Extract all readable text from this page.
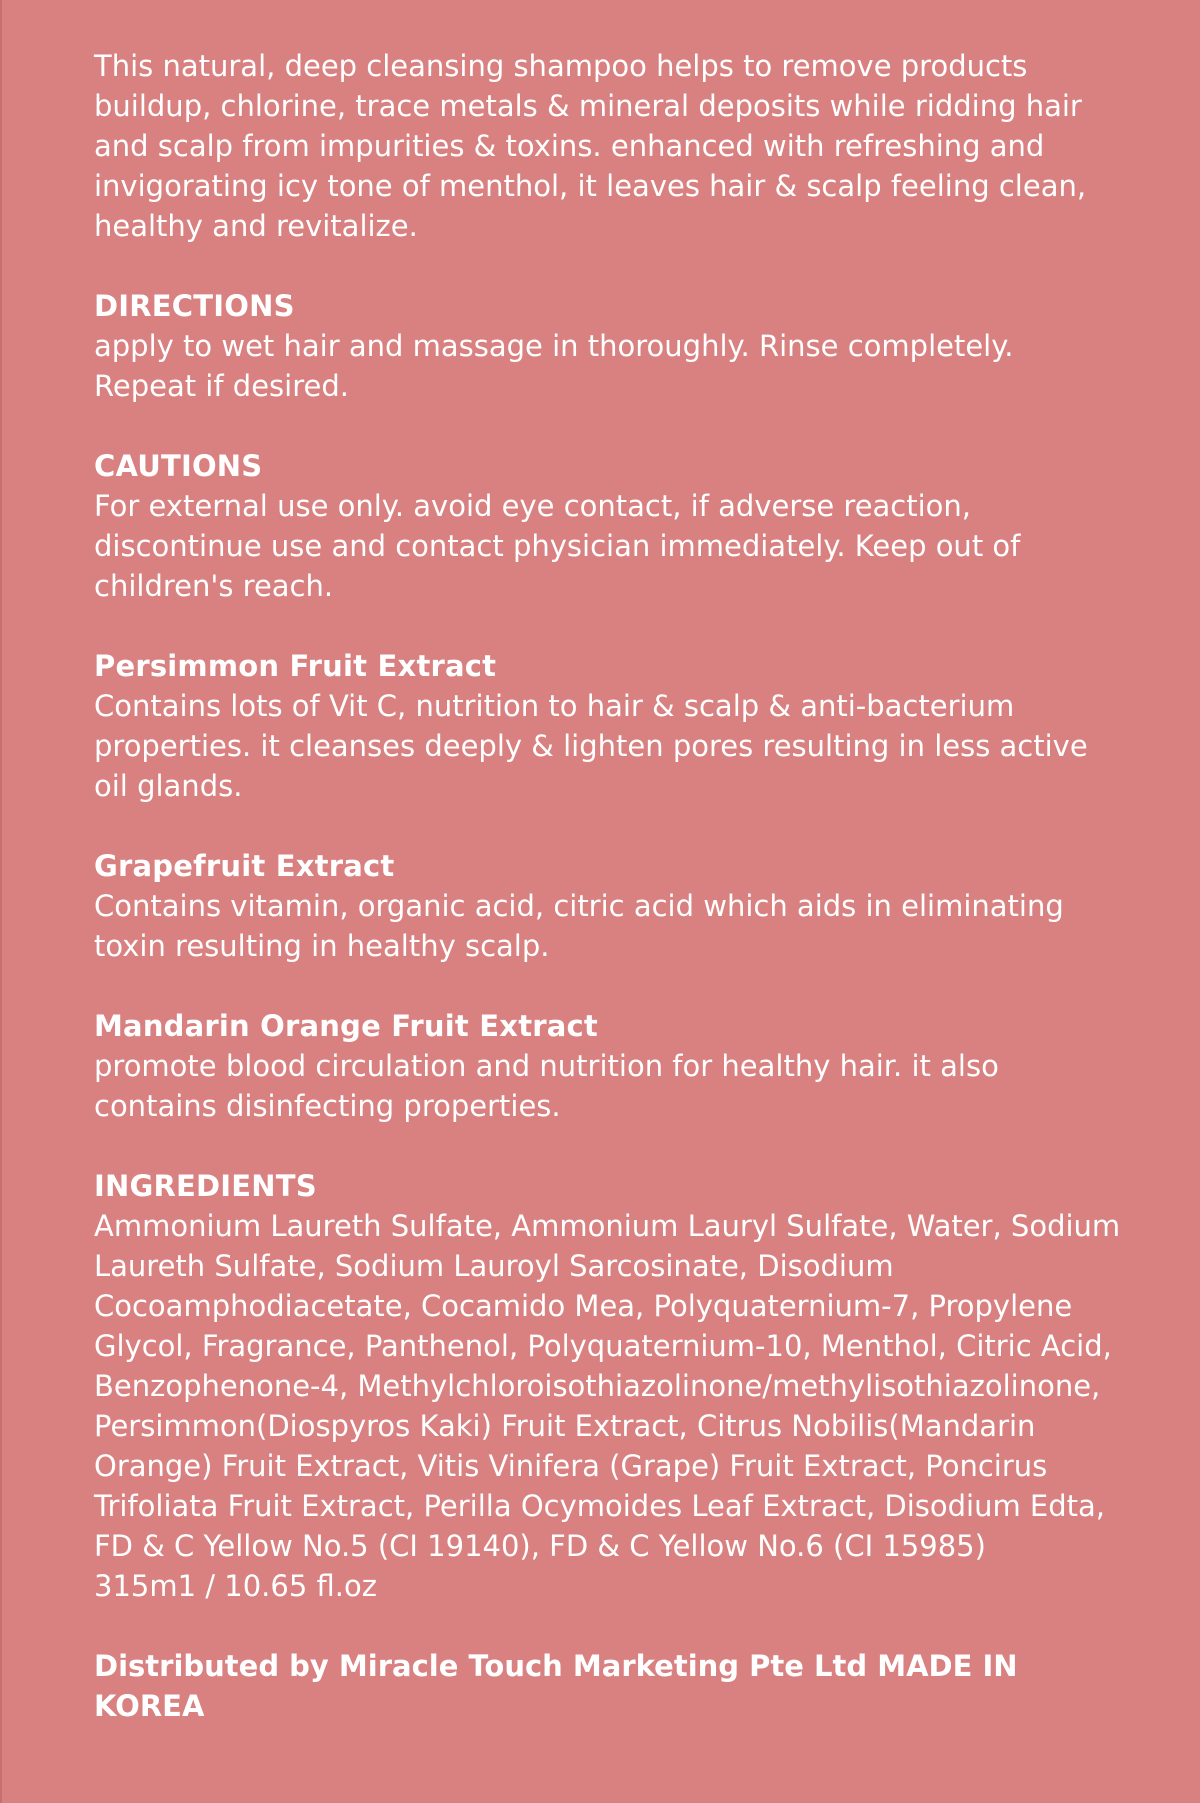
This natural, deep cleansing shampoo helps to remove products buildup, chlorine, trace metals & mineral deposits while ridding hair and scalp from impurities & toxins. enhanced with refreshing and invigorating icy tone of menthol, it leaves hair & scalp feeling clean, healthy and revitalize.

DIRECTIONS

apply to wet hair and massage in thoroughly. Rinse completely. Repeat if desired.

CAUTIONS

For external use only. avoid eye contact, if adverse reaction, discontinue use and contact physician immediately. Keep out of children's reach.

Persimmon Fruit Extract

Contains lots of Vit C, nutrition to hair & scalp & anti-bacterium properties. it cleanses deeply & lighten pores resulting in less active oil glands.

Grapefruit Extract

Contains vitamin, organic acid, citric acid which aids in eliminating toxin resulting in healthy scalp.

Mandarin Orange Fruit Extract

promote blood circulation and nutrition for healthy hair. it also contains disinfecting properties.

INGREDIENTS

Ammonium Laureth Sulfate, Ammonium Lauryl Sulfate, Water, Sodium Laureth Sulfate, Sodium Lauroyl Sarcosinate, Disodium Cocoamphodiacetate, Cocamido Mea, Polyquaternium-7, Propylene Glycol, Fragrance, Panthenol, Polyquaternium-10, Menthol, Citric Acid, Benzophenone-4, Methylchloroisothiazolinone/methylisothiazolinone, Persimmon(Diospyros Kaki) Fruit Extract, Citrus Nobilis(Mandarin Orange) Fruit Extract, Vitis Vinifera (Grape) Fruit Extract, Poncirus Trifoliata Fruit Extract, Perilla Ocymoides Leaf Extract, Disodium Edta, FD & C Yellow No.5 (CI 19140), FD & C Yellow No.6 (CI 15985)

315m1 / 10.65 fl.oz

Distributed by Miracle Touch Marketing Pte Ltd MADE IN KOREA
